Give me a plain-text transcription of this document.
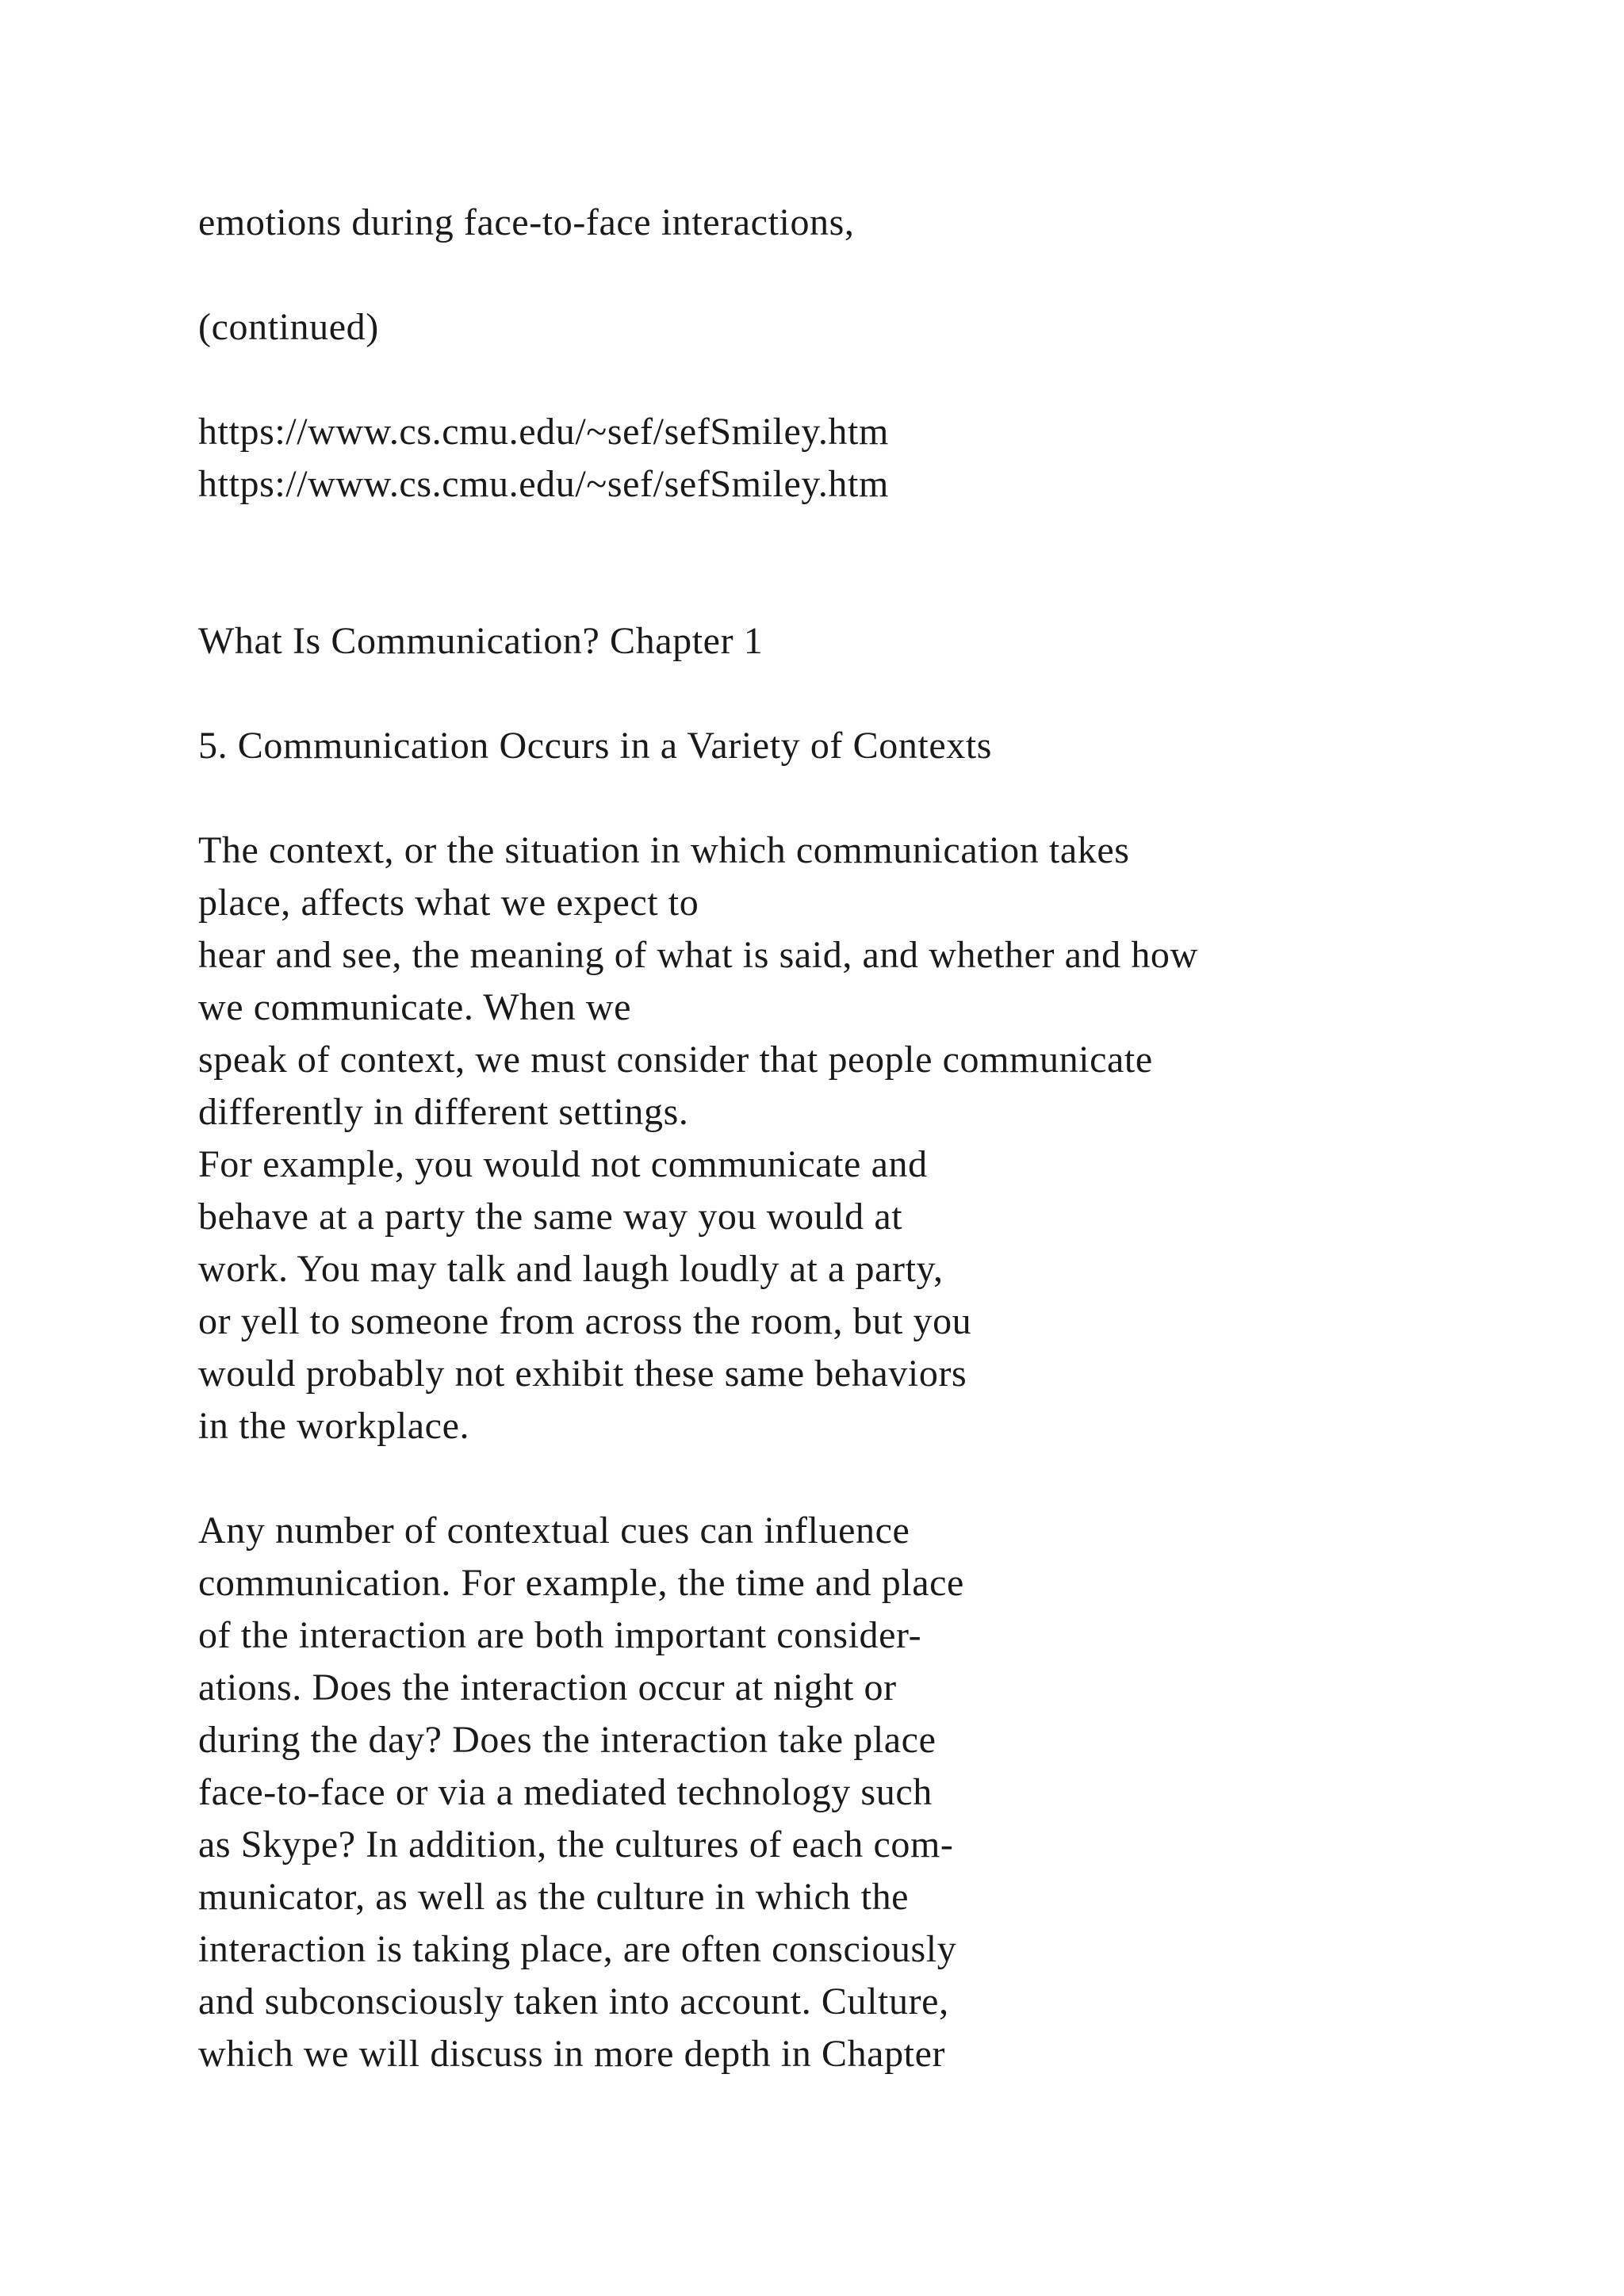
emotions during face-to-face interactions,

(continued)

https://www.cs.cmu.edu/~sef/sefSmiley.htm

https://www.cs.cmu.edu/~sef/sefSmiley.htm

What Is Communication? Chapter 1

5. Communication Occurs in a Variety of Contexts

The context, or the situation in which communication takes

place, affects what we expect to

hear and see, the meaning of what is said, and whether and how

we communicate. When we

speak of context, we must consider that people communicate

differently in different settings.

For example, you would not communicate and

behave at a party the same way you would at

work. You may talk and laugh loudly at a party,

or yell to someone from across the room, but you

would probably not exhibit these same behaviors

in the workplace.

Any number of contextual cues can influence

communication. For example, the time and place

of the interaction are both important consider-

ations. Does the interaction occur at night or

during the day? Does the interaction take place

face-to-face or via a mediated technology such

as Skype? In addition, the cultures of each com-

municator, as well as the culture in which the

interaction is taking place, are often consciously

and subconsciously taken into account. Culture,

which we will discuss in more depth in Chapter
